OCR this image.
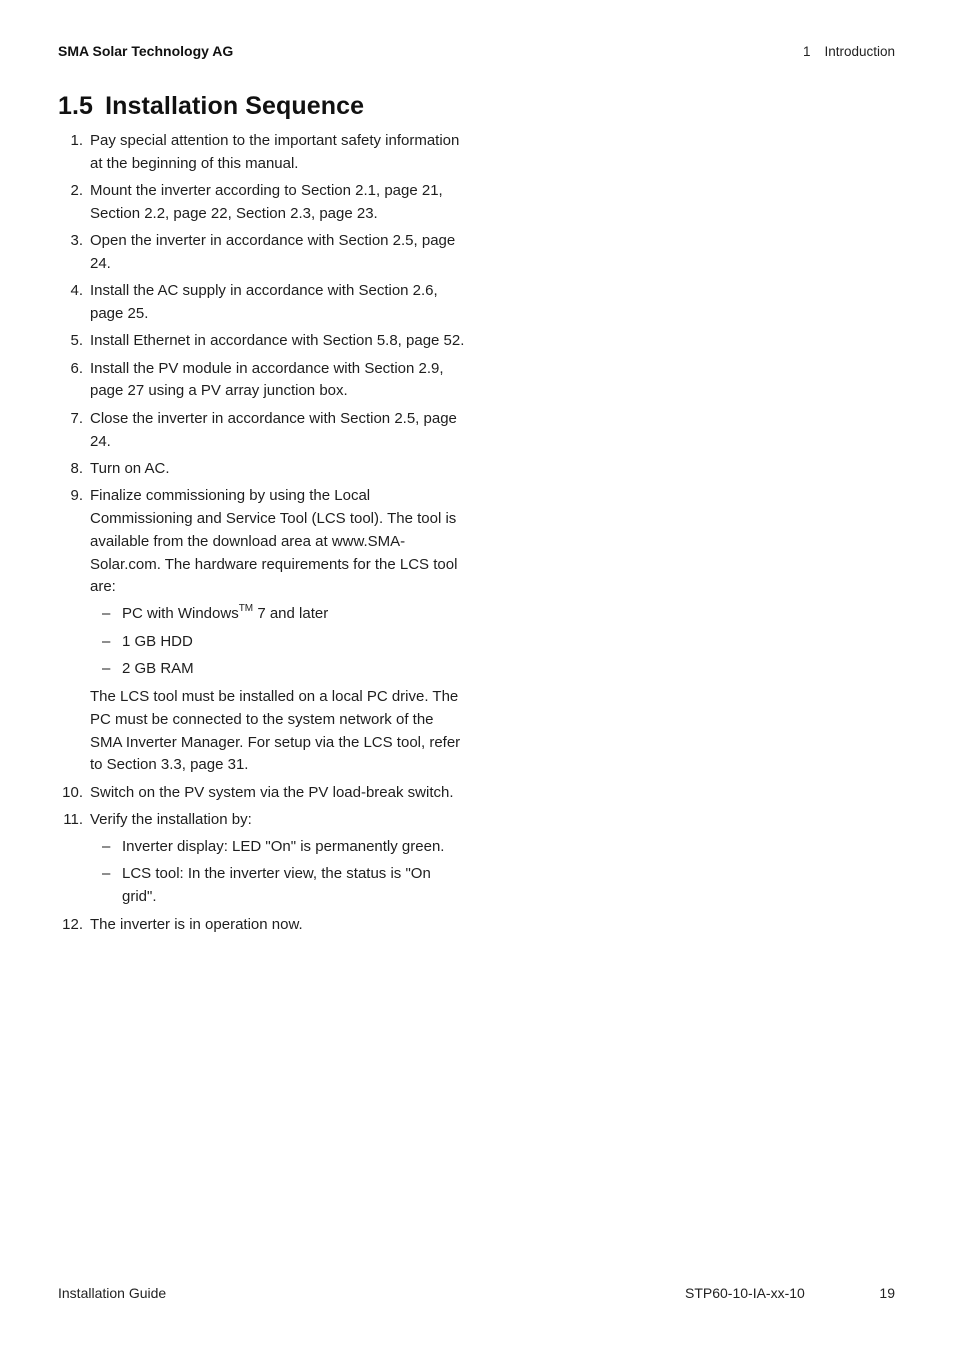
SMA Solar Technology AG	1 Introduction
1.5 Installation Sequence
1. Pay special attention to the important safety information at the beginning of this manual.
2. Mount the inverter according to Section 2.1, page 21, Section 2.2, page 22, Section 2.3, page 23.
3. Open the inverter in accordance with Section 2.5, page 24.
4. Install the AC supply in accordance with Section 2.6, page 25.
5. Install Ethernet in accordance with Section 5.8, page 52.
6. Install the PV module in accordance with Section 2.9, page 27 using a PV array junction box.
7. Close the inverter in accordance with Section 2.5, page 24.
8. Turn on AC.
9. Finalize commissioning by using the Local Commissioning and Service Tool (LCS tool). The tool is available from the download area at www.SMA-Solar.com. The hardware requirements for the LCS tool are:
– PC with Windows™ 7 and later
– 1 GB HDD
– 2 GB RAM
The LCS tool must be installed on a local PC drive. The PC must be connected to the system network of the SMA Inverter Manager. For setup via the LCS tool, refer to Section 3.3, page 31.
10. Switch on the PV system via the PV load-break switch.
11. Verify the installation by:
– Inverter display: LED "On" is permanently green.
– LCS tool: In the inverter view, the status is "On grid".
12. The inverter is in operation now.
Installation Guide	STP60-10-IA-xx-10	19
